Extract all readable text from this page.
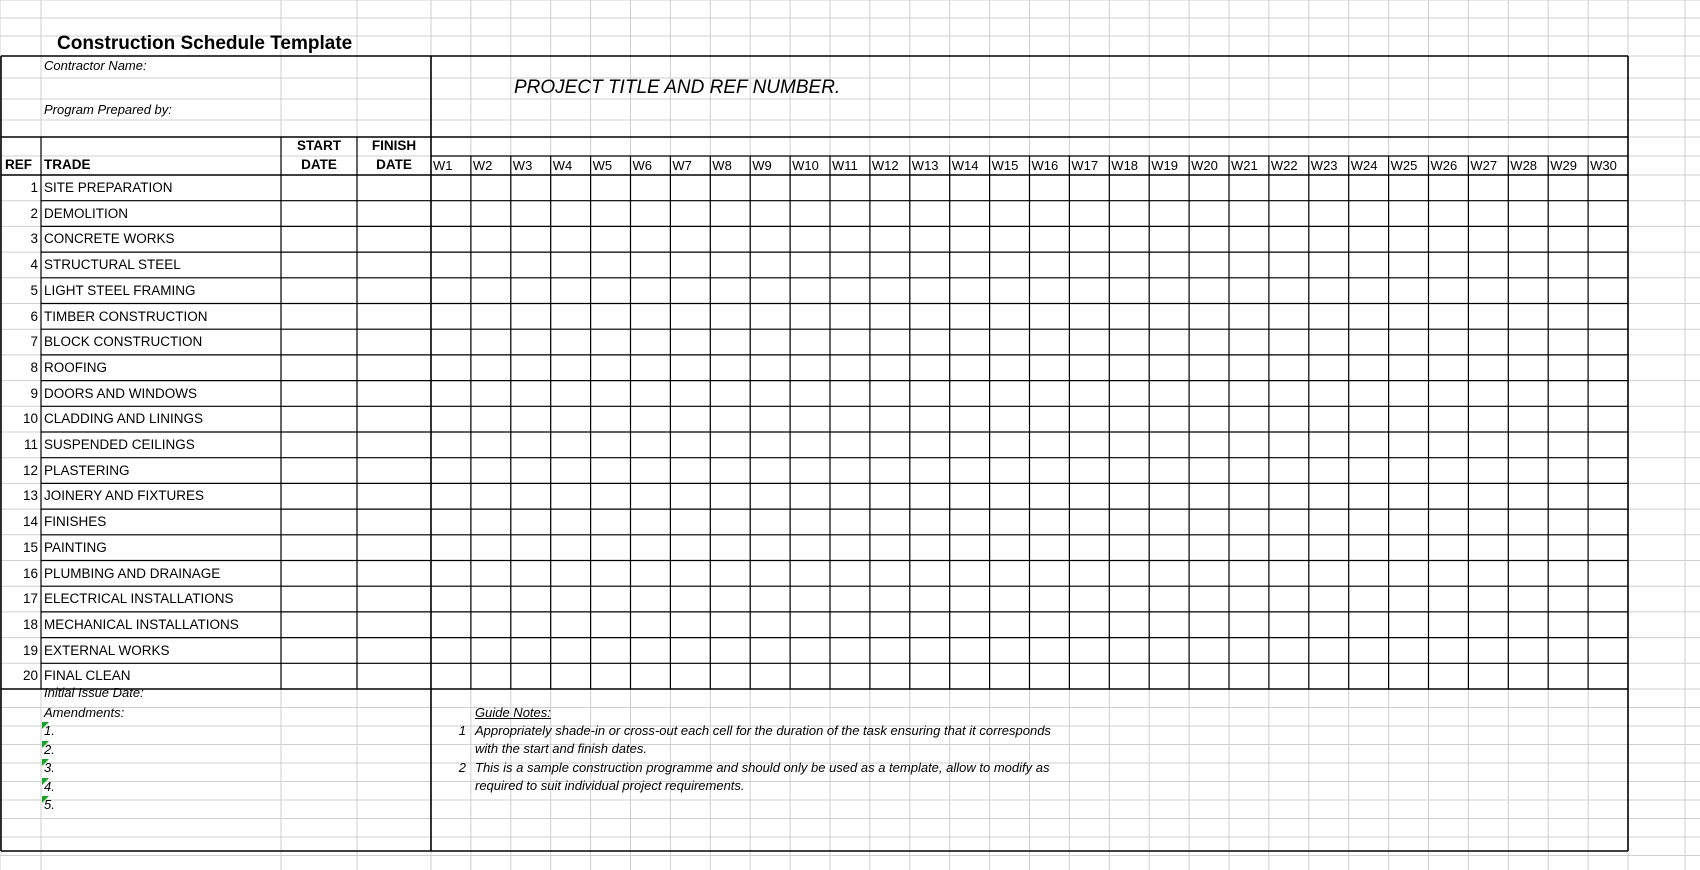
Construction Schedule Template
Contractor Name:
Program Prepared by:
PROJECT TITLE AND REF NUMBER.
REF TRADE
START
DATE
FINISH
DATE	W1 W2 W3 W4 W5 W6 W7 W8 W9 W10 W11 W12 W13 W14 W15 W16 W17 W18 W19 W20 W21 W22 W23 W24 W25 W26 W27 W28 W29 W30
1 SITE PREPARATION
2 DEMOLITION
3 CONCRETE WORKS
4 STRUCTURAL STEEL
5 LIGHT STEEL FRAMING
6 TIMBER CONSTRUCTION
7 BLOCK CONSTRUCTION
8 ROOFING
9 DOORS AND WINDOWS
10 CLADDING AND LININGS
11 SUSPENDED CEILINGS
12 PLASTERING
13 JOINERY AND FIXTURES
14 FINISHES
15 PAINTING
16 PLUMBING AND DRAINAGE
17 ELECTRICAL INSTALLATIONS
18 MECHANICAL INSTALLATIONS
19 EXTERNAL WORKS
20 FINAL CLEAN
Initial Issue Date:
Amendments:
1.
2.
3.
4.
5.
Guide Notes:
1 Appropriately shade-in or cross-out each cell for the duration of the task ensuring that it corresponds
with the start and finish dates.
2 This is a sample construction programme and should only be used as a template, allow to modify as
required to suit individual project requirements.
